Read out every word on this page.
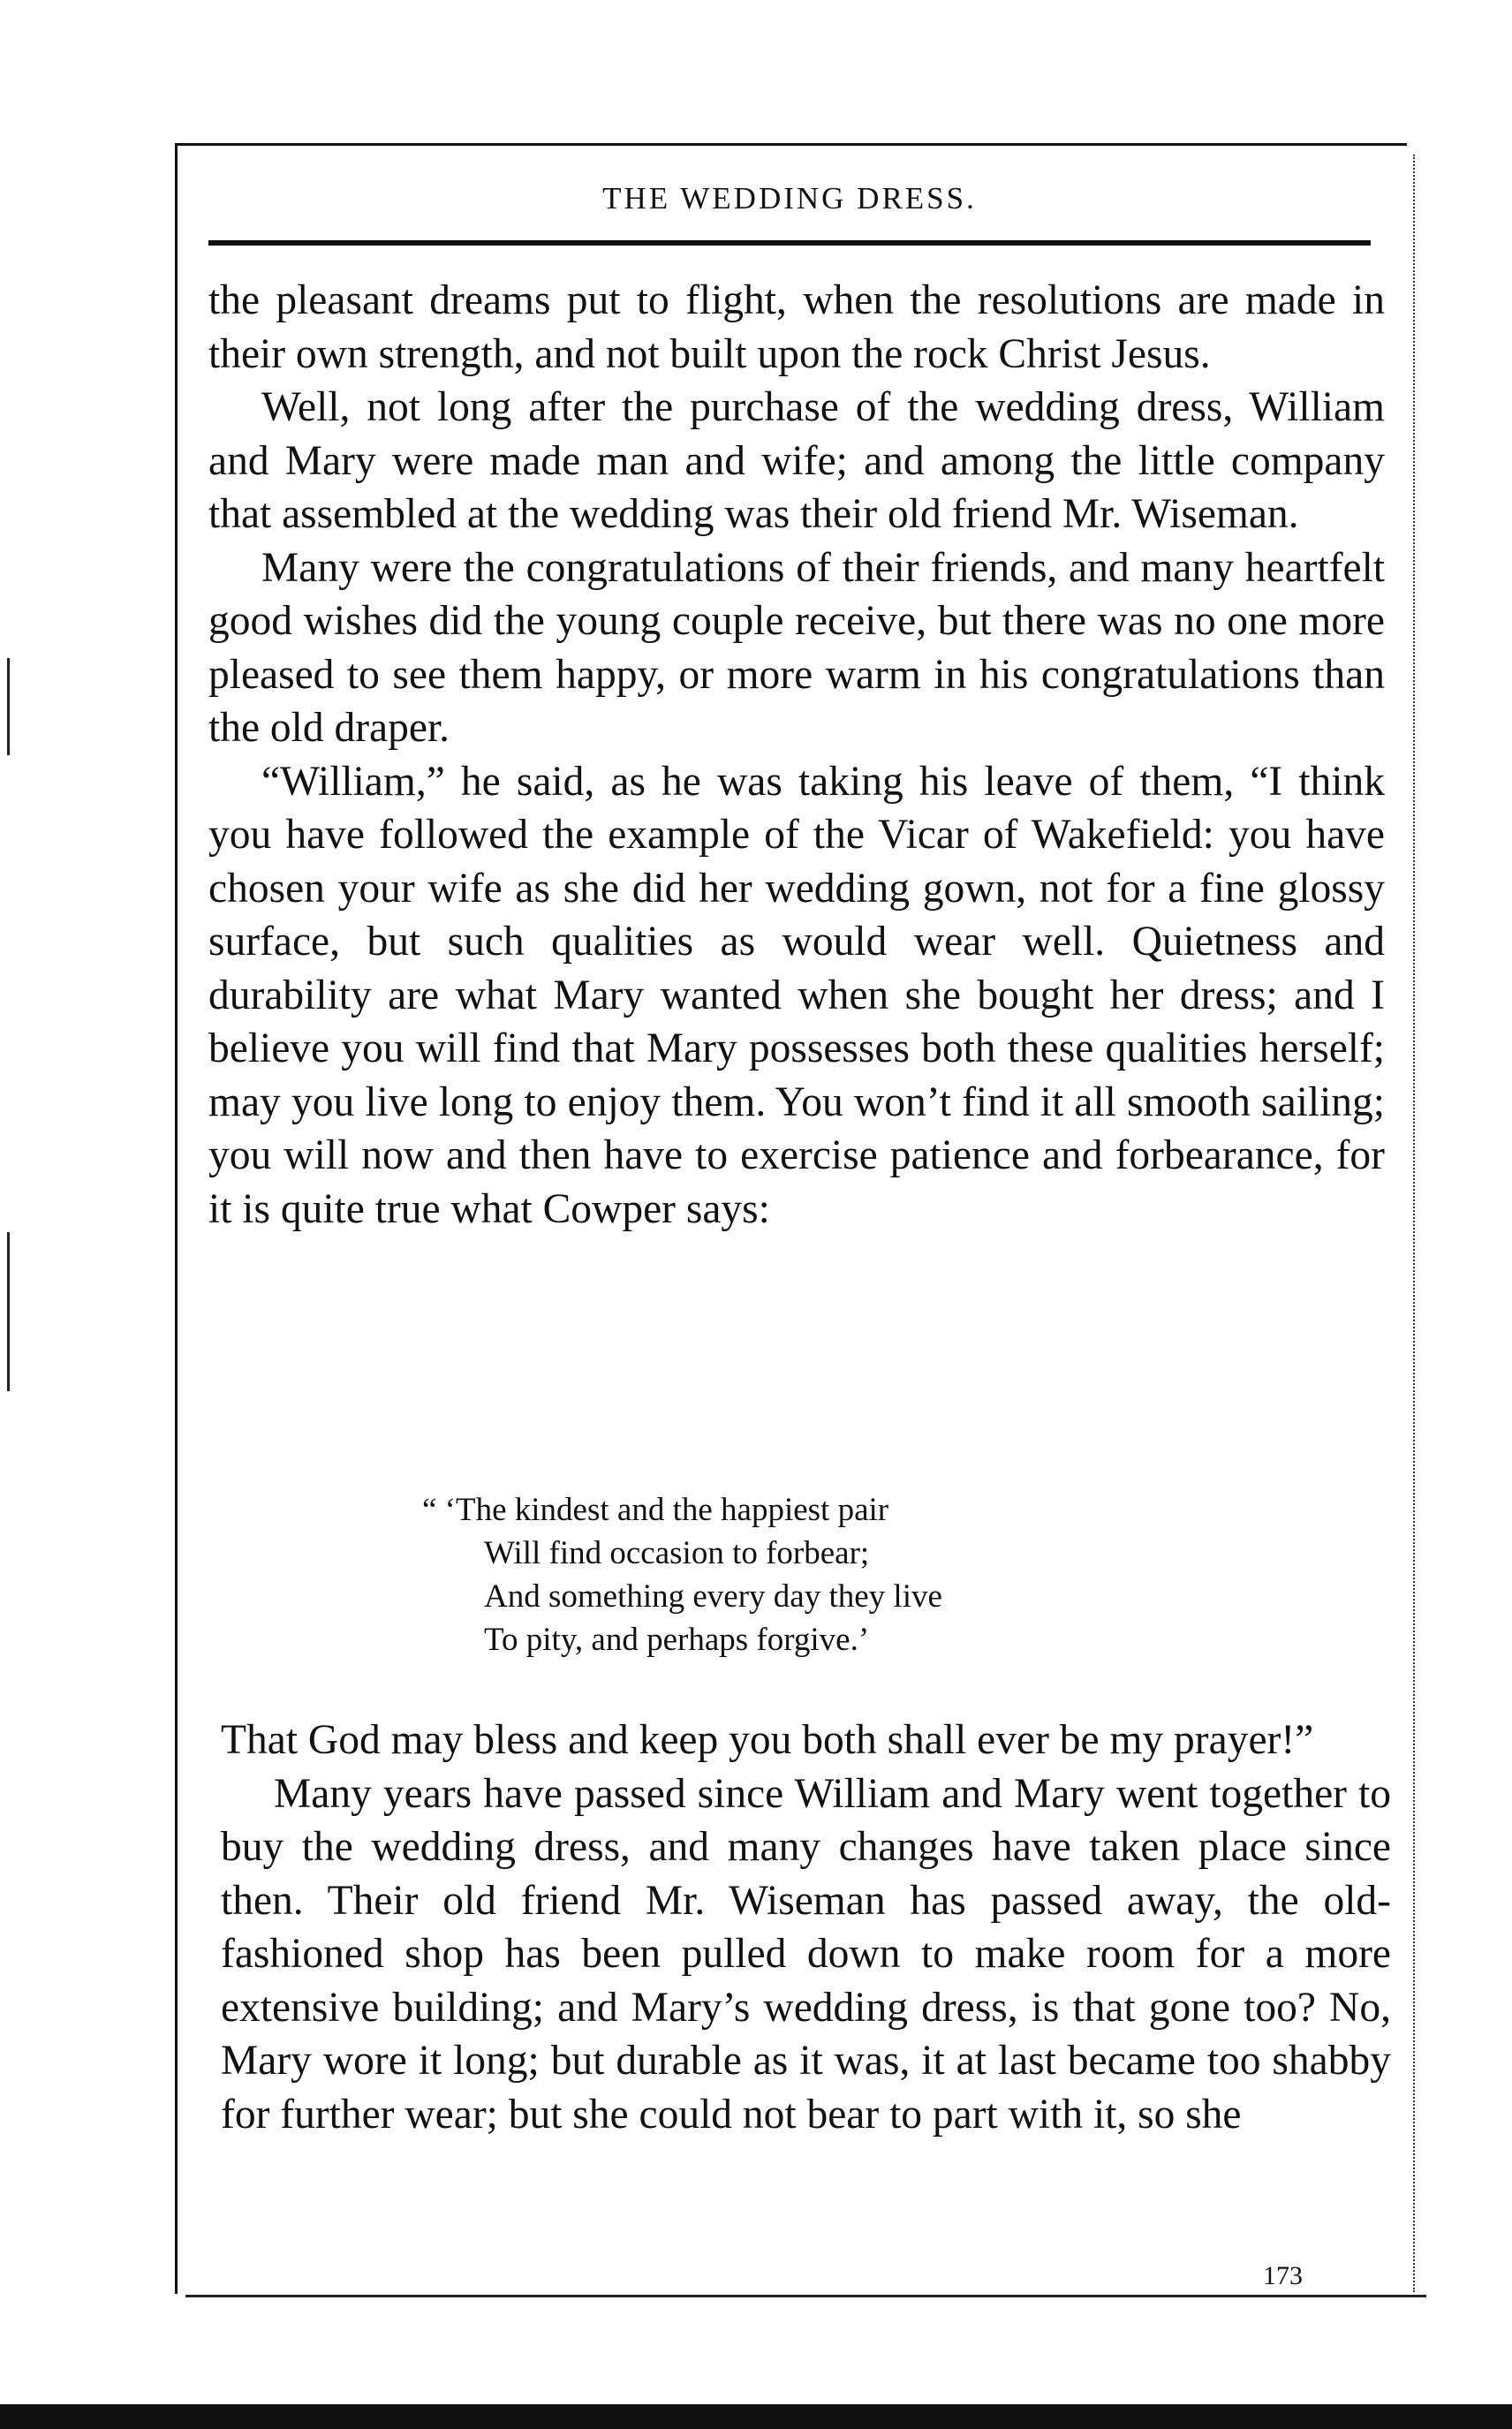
THE WEDDING DRESS.

the pleasant dreams put to flight, when the resolutions are made in their own strength, and not built upon the rock Christ Jesus.

Well, not long after the purchase of the wedding dress, William and Mary were made man and wife; and among the little company that assembled at the wedding was their old friend Mr. Wiseman.

Many were the congratulations of their friends, and many heartfelt good wishes did the young couple receive, but there was no one more pleased to see them happy, or more warm in his congratulations than the old draper.

“William,” he said, as he was taking his leave of them, “I think you have followed the example of the Vicar of Wakefield: you have chosen your wife as she did her wedding gown, not for a fine glossy surface, but such qualities as would wear well. Quietness and durability are what Mary wanted when she bought her dress; and I believe you will find that Mary possesses both these qualities herself; may you live long to enjoy them. You won’t find it all smooth sailing; you will now and then have to exercise patience and forbearance, for it is quite true what Cowper says:

“ ‘The kindest and the happiest pair
Will find occasion to forbear;
And something every day they live
To pity, and perhaps forgive.’

That God may bless and keep you both shall ever be my prayer!”

Many years have passed since William and Mary went together to buy the wedding dress, and many changes have taken place since then. Their old friend Mr. Wiseman has passed away, the old-fashioned shop has been pulled down to make room for a more extensive building; and Mary’s wedding dress, is that gone too? No, Mary wore it long; but durable as it was, it at last became too shabby for further wear; but she could not bear to part with it, so she

173
